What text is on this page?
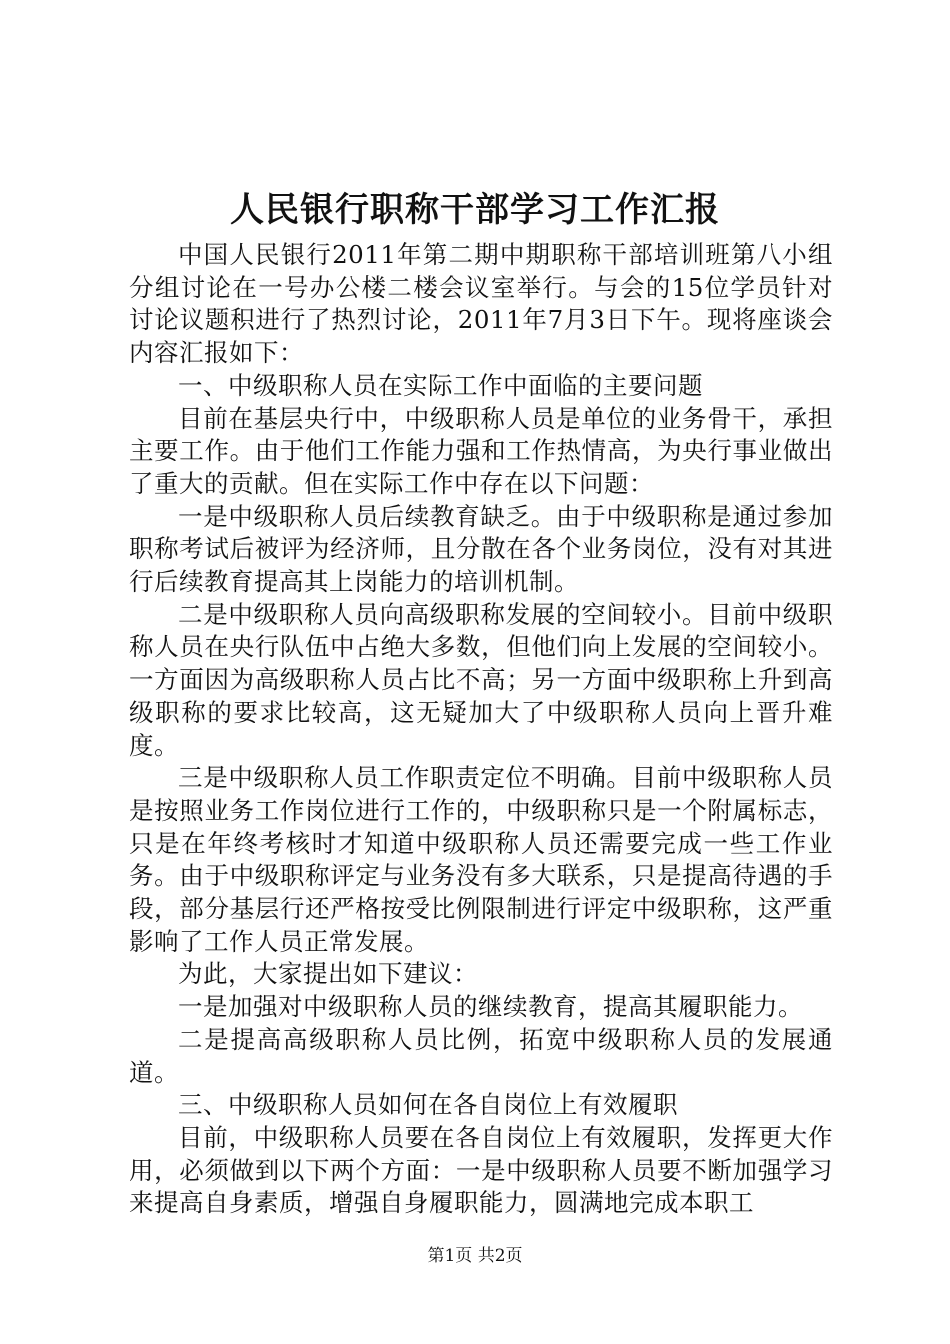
人民银行职称干部学习工作汇报

中国人民银行2011年第二期中期职称干部培训班第八小组分组讨论在一号办公楼二楼会议室举行。与会的15位学员针对讨论议题积进行了热烈讨论，2011年7月3日下午。现将座谈会内容汇报如下：

一、中级职称人员在实际工作中面临的主要问题

目前在基层央行中，中级职称人员是单位的业务骨干，承担主要工作。由于他们工作能力强和工作热情高，为央行事业做出了重大的贡献。但在实际工作中存在以下问题：

一是中级职称人员后续教育缺乏。由于中级职称是通过参加职称考试后被评为经济师，且分散在各个业务岗位，没有对其进行后续教育提高其上岗能力的培训机制。

二是中级职称人员向高级职称发展的空间较小。目前中级职称人员在央行队伍中占绝大多数，但他们向上发展的空间较小。一方面因为高级职称人员占比不高；另一方面中级职称上升到高级职称的要求比较高，这无疑加大了中级职称人员向上晋升难度。

三是中级职称人员工作职责定位不明确。目前中级职称人员是按照业务工作岗位进行工作的，中级职称只是一个附属标志，只是在年终考核时才知道中级职称人员还需要完成一些工作业务。由于中级职称评定与业务没有多大联系，只是提高待遇的手段，部分基层行还严格按受比例限制进行评定中级职称，这严重影响了工作人员正常发展。

为此，大家提出如下建议：

一是加强对中级职称人员的继续教育，提高其履职能力。

二是提高高级职称人员比例，拓宽中级职称人员的发展通道。

三、中级职称人员如何在各自岗位上有效履职

目前，中级职称人员要在各自岗位上有效履职，发挥更大作用，必须做到以下两个方面：一是中级职称人员要不断加强学习来提高自身素质，增强自身履职能力，圆满地完成本职工

第1页 共2页
